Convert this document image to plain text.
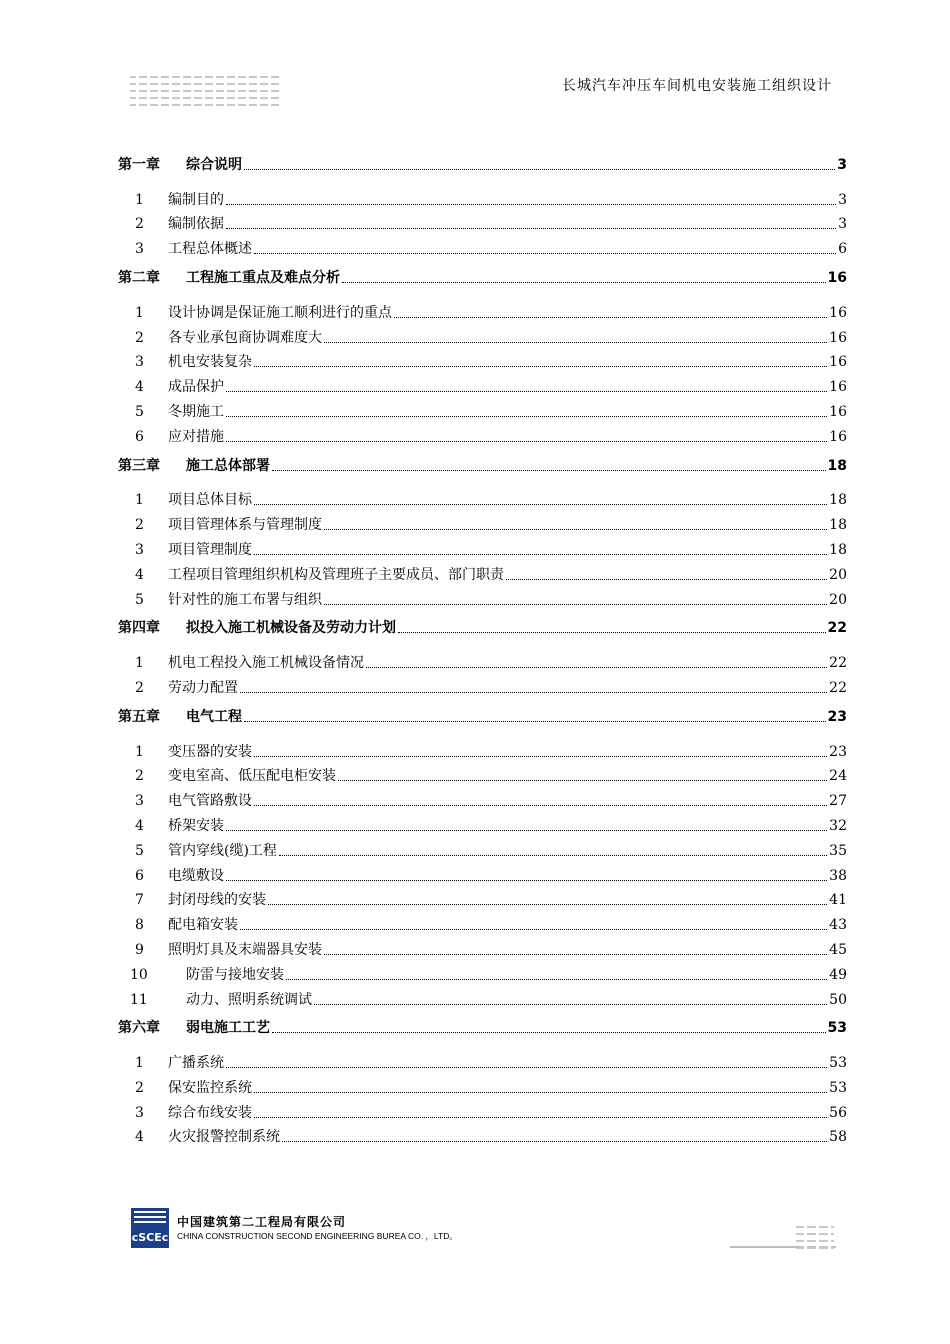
长城汽车冲压车间机电安装施工组织设计
第一章	综合说明	3
1	编制目的	3
2	编制依据	3
3	工程总体概述	6
第二章	工程施工重点及难点分析	16
1	设计协调是保证施工顺利进行的重点	16
2	各专业承包商协调难度大	16
3	机电安装复杂	16
4	成品保护	16
5	冬期施工	16
6	应对措施	16
第三章	施工总体部署	18
1	项目总体目标	18
2	项目管理体系与管理制度	18
3	项目管理制度	18
4	工程项目管理组织机构及管理班子主要成员、部门职责	20
5	针对性的施工布署与组织	20
第四章	拟投入施工机械设备及劳动力计划	22
1	机电工程投入施工机械设备情况	22
2	劳动力配置	22
第五章	电气工程	23
1	变压器的安装	23
2	变电室高、低压配电柜安装	24
3	电气管路敷设	27
4	桥架安装	32
5	管内穿线(缆)工程	35
6	电缆敷设	38
7	封闭母线的安装	41
8	配电箱安装	43
9	照明灯具及末端器具安装	45
10	防雷与接地安装	49
11	动力、照明系统调试	50
第六章	弱电施工工艺	53
1	广播系统	53
2	保安监控系统	53
3	综合布线安装	56
4	火灾报警控制系统	58
cSCEc
中国建筑第二工程局有限公司
CHINA CONSTRUCTION SECOND ENGINEERING BUREA CO. ，LTD。
